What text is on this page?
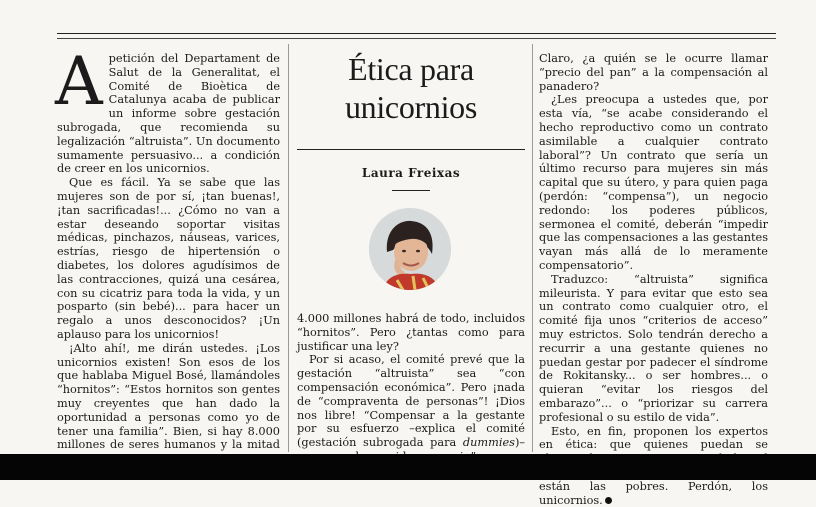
Apetición del Departament de Salut de la Generalitat, el Comité de Bioètica de Catalunya acaba de publicar un informe sobre gestación subrogada, que recomienda su legalización “altruista”. Un documento sumamente persuasivo... a condición de creer en los unicornios.

Que es fácil. Ya se sabe que las mujeres son de por sí, ¡tan buenas!, ¡tan sacrificadas!... ¿Cómo no van a estar deseando soportar visitas médicas, pinchazos, náuseas, varices, estrías, riesgo de hipertensión o diabetes, los dolores agudísimos de las contracciones, quizá una cesárea, con su cicatriz para toda la vida, y un posparto (sin bebé)... para hacer un regalo a unos desconocidos? ¡Un aplauso para los unicornios!

¡Alto ahí!, me dirán ustedes. ¡Los unicornios existen! Son esos de los que hablaba Miguel Bosé, llamándoles “hornitos”: “Estos hornitos son gentes muy creyentes que han dado la oportunidad a personas como yo de tener una familia”. Bien, si hay 8.000 millones de seres humanos y la mitad

Ética para
unicornios
Laura Freixas

4.000 millones habrá de todo, incluidos “hornitos”. Pero ¿tantas como para justificar una ley?

Por si acaso, el comité prevé que la gestación “altruista” sea “con compensación económica”. Pero ¡nada de “compraventa de personas”! ¡Dios nos libre! “Compensar a la gestante por su esfuerzo –explica el comité (gestación subrogada para dummies)–

Claro, ¿a quién se le ocurre llamar “precio del pan” a la compensación al panadero?

¿Les preocupa a ustedes que, por esta vía, “se acabe considerando el hecho reproductivo como un contrato asimilable a cualquier contrato laboral”? Un contrato que sería un último recurso para mujeres sin más capital que su útero, y para quien paga (perdón: “compensa”), un negocio redondo: los poderes públicos, sermonea el comité, deberán “impedir que las compensaciones a las gestantes vayan más allá de lo meramente compensatorio”.

Traduzco: “altruista” significa mileurista. Y para evitar que esto sea un contrato como cualquier otro, el comité fija unos “criterios de acceso” muy estrictos. Solo tendrán derecho a recurrir a una gestante quienes no puedan gestar por padecer el síndrome de Rokitansky... o ser hombres... o quieran “evitar los riesgos del embarazo”... o “priorizar su carrera profesional o su estilo de vida”.

Esto, en fin, proponen los expertos en ética: que quienes puedan se están las pobres. Perdón, los unicornios.
